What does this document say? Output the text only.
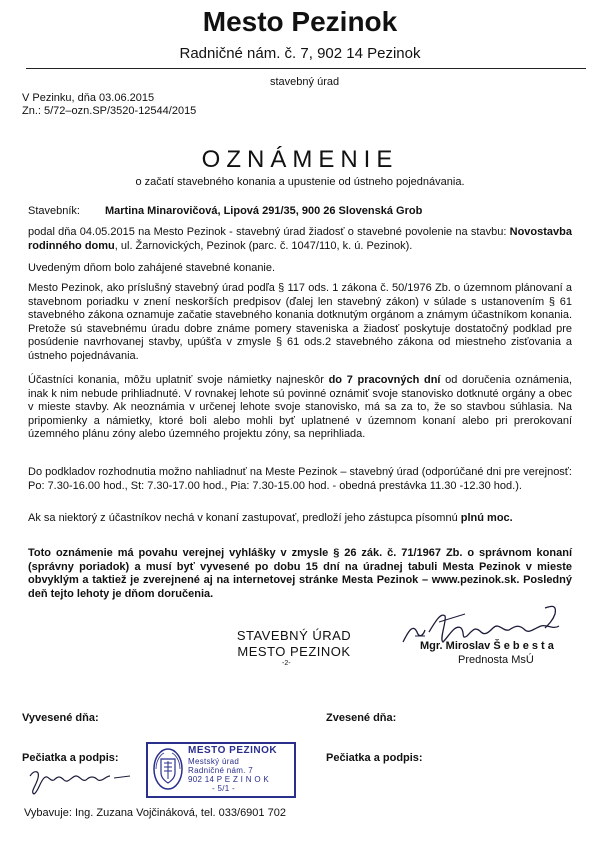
Mesto Pezinok
Radničné nám. č. 7, 902 14 Pezinok
stavebný úrad
V Pezinku, dňa 03.06.2015
Zn.: 5/72–ozn.SP/3520-12544/2015
OZNÁMENIE
o začatí stavebného konania a upustenie od ústneho pojednávania.
Stavebník: Martina Minarovičová, Lipová 291/35, 900 26 Slovenská Grob
podal dňa 04.05.2015 na Mesto Pezinok - stavebný úrad žiadosť o stavebné povolenie na stavbu: Novostavba rodinného domu, ul. Žarnovických, Pezinok (parc. č. 1047/110, k. ú. Pezinok).
Uvedeným dňom bolo zahájené stavebné konanie.
Mesto Pezinok, ako príslušný stavebný úrad podľa § 117 ods. 1 zákona č. 50/1976 Zb. o územnom plánovaní a stavebnom poriadku v znení neskorších predpisov (ďalej len stavebný zákon) v súlade s ustanovením § 61 stavebného zákona oznamuje začatie stavebného konania dotknutým orgánom a známym účastníkom konania. Pretože sú stavebnému úradu dobre známe pomery staveniska a žiadosť poskytuje dostatočný podklad pre posúdenie navrhovanej stavby, upúšťa v zmysle § 61 ods.2 stavebného zákona od miestneho zisťovania a ústneho pojednávania.
Účastníci konania, môžu uplatniť svoje námietky najneskôr do 7 pracovných dní od doručenia oznámenia, inak k nim nebude prihliadnuté. V rovnakej lehote sú povinné oznámiť svoje stanovisko dotknuté orgány a obec v mieste stavby. Ak neoznámia v určenej lehote svoje stanovisko, má sa za to, že so stavbou súhlasia. Na pripomienky a námietky, ktoré boli alebo mohli byť uplatnené v územnom konaní alebo pri prerokovaní územného plánu zóny alebo územného projektu zóny, sa neprihliada.
Do podkladov rozhodnutia možno nahliadnuť na Meste Pezinok – stavebný úrad (odporúčané dni pre verejnosť: Po: 7.30-16.00 hod., St: 7.30-17.00 hod., Pia: 7.30-15.00 hod. - obedná prestávka 11.30 -12.30 hod.).
Ak sa niektorý z účastníkov nechá v konaní zastupovať, predloží jeho zástupca písomnú plnú moc.
Toto oznámenie má povahu verejnej vyhlášky v zmysle § 26 zák. č. 71/1967 Zb. o správnom konaní (správny poriadok) a musí byť vyvesené po dobu 15 dní na úradnej tabuli Mesta Pezinok v mieste obvyklým a taktiež je zverejnené aj na internetovej stránke Mesta Pezinok – www.pezinok.sk. Posledný deň tejto lehoty je dňom doručenia.
STAVEBNÝ ÚRAD
MESTO PEZINOK
-2-
Mgr. Miroslav Š e b e s t a
Prednosta MsÚ
Vyvesené dňa:	Zvesené dňa:
Pečiatka a podpis:	Pečiatka a podpis:
MESTO PEZINOK
Mestský úrad
Radničné nám. 7
902 14 P E Z I N O K
- 5/1 -
Vybavuje: Ing. Zuzana Vojčináková, tel. 033/6901 702
